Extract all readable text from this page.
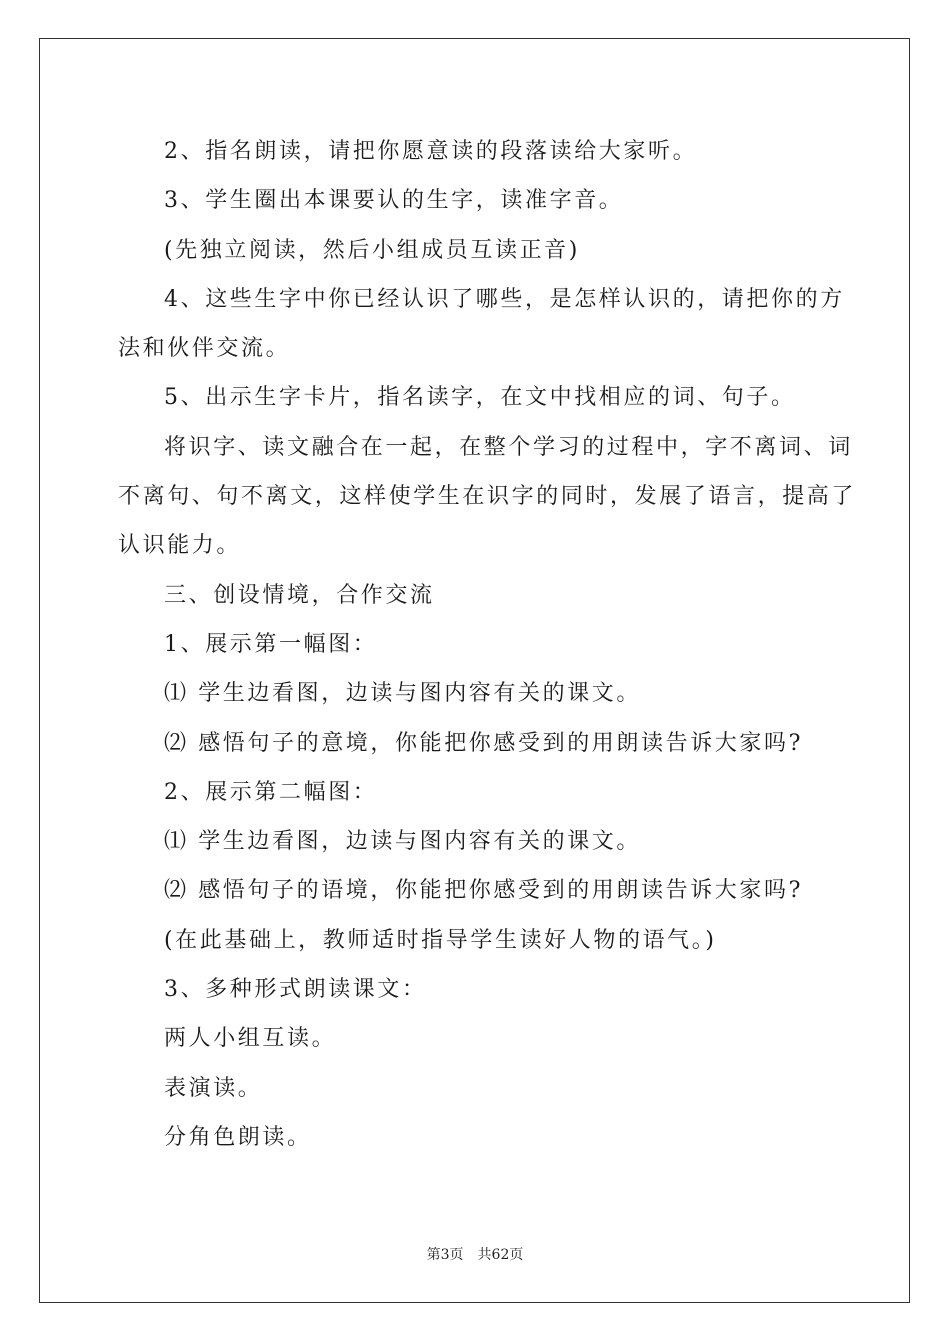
2、指名朗读，请把你愿意读的段落读给大家听。
3、学生圈出本课要认的生字，读准字音。
(先独立阅读，然后小组成员互读正音)
4、这些生字中你已经认识了哪些，是怎样认识的，请把你的方
法和伙伴交流。
5、出示生字卡片，指名读字，在文中找相应的词、句子。
将识字、读文融合在一起，在整个学习的过程中，字不离词、词
不离句、句不离文，这样使学生在识字的同时，发展了语言，提高了
认识能力。
三、创设情境，合作交流
1、展示第一幅图：
⑴ 学生边看图，边读与图内容有关的课文。
⑵ 感悟句子的意境，你能把你感受到的用朗读告诉大家吗?
2、展示第二幅图：
⑴ 学生边看图，边读与图内容有关的课文。
⑵ 感悟句子的语境，你能把你感受到的用朗读告诉大家吗?
(在此基础上，教师适时指导学生读好人物的语气。)
3、多种形式朗读课文：
两人小组互读。
表演读。
分角色朗读。
第3页 共62页
